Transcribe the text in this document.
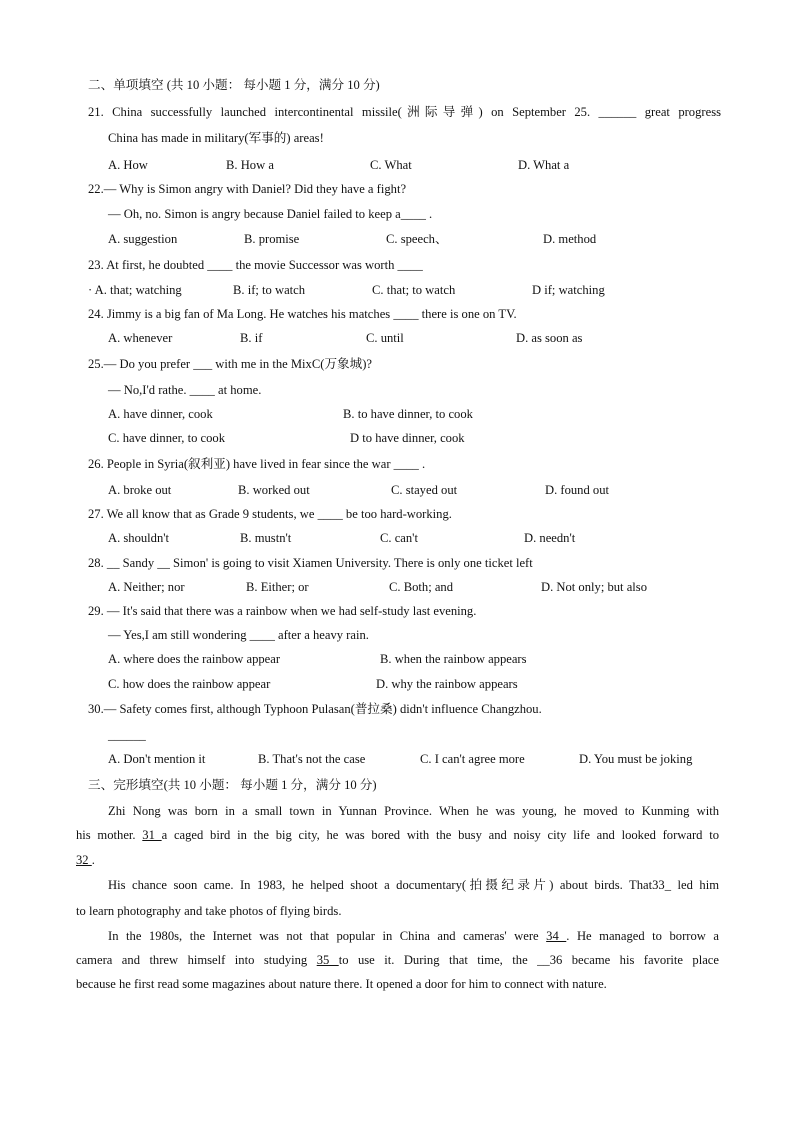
二、单项填空 (共 10 小题： 每小题 1 分，满分 10 分)
21. China successfully launched intercontinental missile(洲际导弹) on September 25. ______ great progress
China has made in military(军事的) areas!
A. How	B. How a	C. What	D. What a
22.— Why is Simon angry with Daniel? Did they have a fight?
— Oh, no. Simon is angry because Daniel failed to keep a____ .
A. suggestion	B. promise	C. speech、	D. method
23. At first, he doubted ____ the movie Successor was worth ____
· A. that; watching	B. if; to watch	C. that; to watch	D if; watching
24. Jimmy is a big fan of Ma Long. He watches his matches ____ there is one on TV.
A. whenever	B. if	C. until	D. as soon as
25.— Do you prefer ___ with me in the MixC(万象城)?
— No,I'd rathe. ____ at home.
A. have dinner, cook	B. to have dinner, to cook
C. have dinner, to cook	D to have dinner, cook
26. People in Syria(叙利亚) have lived in fear since the war ____ .
A. broke out	B. worked out	C. stayed out	D. found out
27. We all know that as Grade 9 students, we ____ be too hard-working.
A. shouldn't	B. mustn't	C. can't	D. needn't
28. __ Sandy __ Simon' is going to visit Xiamen University. There is only one ticket left
A. Neither; nor	B. Either; or	C. Both; and	D. Not only; but also
29. — It's said that there was a rainbow when we had self-study last evening.
— Yes,I am still wondering ____ after a heavy rain.
A. where does the rainbow appear	B. when the rainbow appears
C. how does the rainbow appear	D. why the rainbow appears
30.— Safety comes first, although Typhoon Pulasan(普拉桑) didn't influence Changzhou.
______
A. Don't mention it	B. That's not the case	C. I can't agree more	D. You must be joking
三、完形填空(共 10 小题： 每小题 1 分，满分 10 分)
Zhi Nong was born in a small town in Yunnan Province. When he was young, he moved to Kunming with
his mother. 31 a caged bird in the big city, he was bored with the busy and noisy city life and looked forward to
32 .
His chance soon came. In 1983, he helped shoot a documentary(拍摄纪录片) about birds. That33_ led him
to learn photography and take photos of flying birds.
In the 1980s, the Internet was not that popular in China and cameras' were 34 . He managed to borrow a
camera and threw himself into studying 35 to use it. During that time, the __36 became his favorite place
because he first read some magazines about nature there. It opened a door for him to connect with nature.
